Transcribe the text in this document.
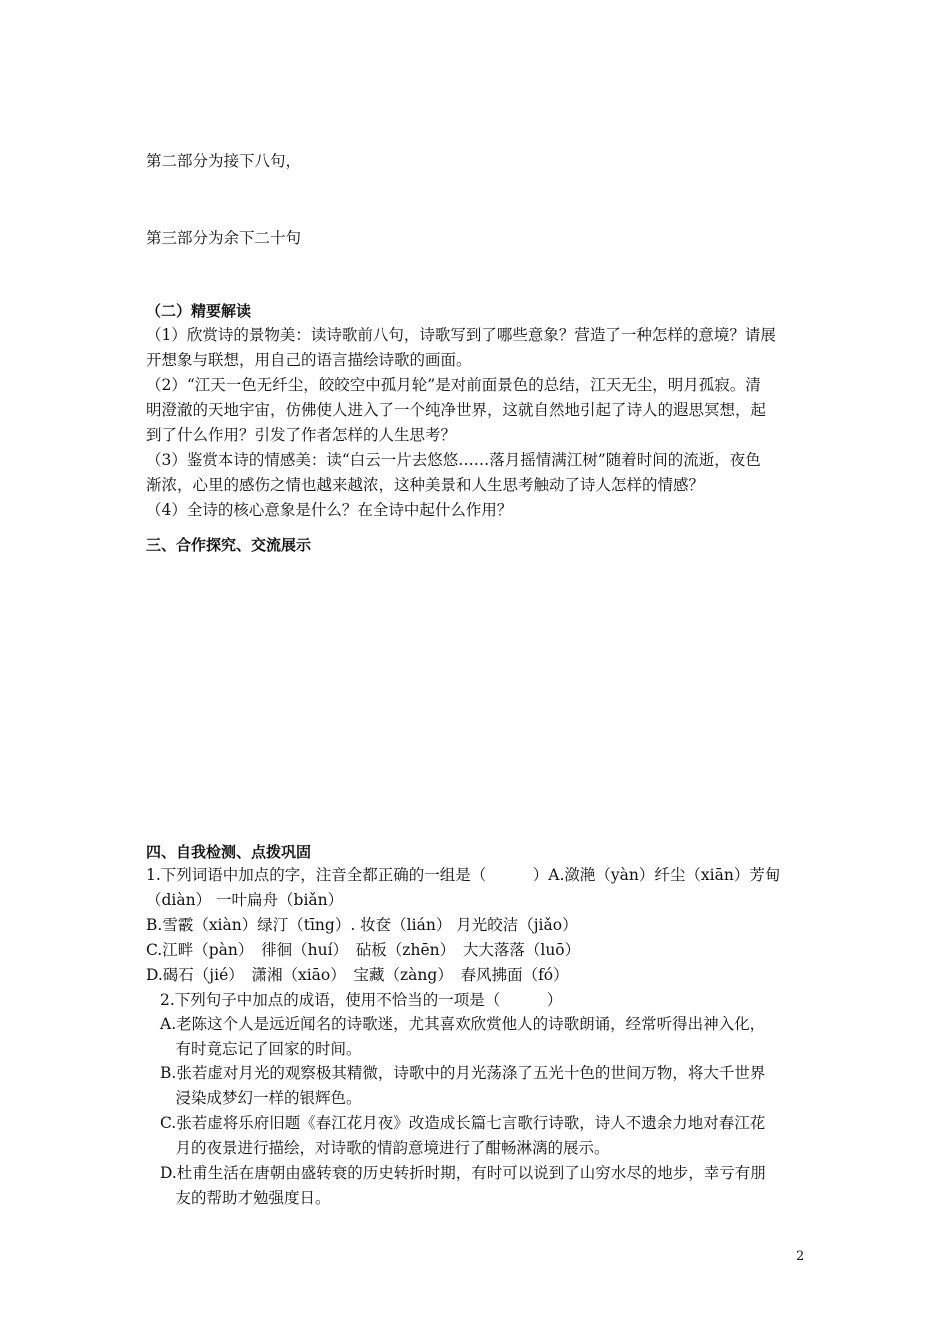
第二部分为接下八句，
第三部分为余下二十句
（二）精要解读
（1）欣赏诗的景物美：读诗歌前八句，诗歌写到了哪些意象？营造了一种怎样的意境？请展
开想象与联想，用自己的语言描绘诗歌的画面。
（2）“江天一色无纤尘，皎皎空中孤月轮”是对前面景色的总结，江天无尘，明月孤寂。清
明澄澈的天地宇宙，仿佛使人进入了一个纯净世界，这就自然地引起了诗人的遐思冥想，起
到了什么作用？引发了作者怎样的人生思考？
（3）鉴赏本诗的情感美：读“白云一片去悠悠……落月摇情满江树”随着时间的流逝，夜色
渐浓，心里的感伤之情也越来越浓，这种美景和人生思考触动了诗人怎样的情感？
（4）全诗的核心意象是什么？在全诗中起什么作用？
三、合作探究、交流展示
四、自我检测、点拨巩固
1.下列词语中加点的字，注音全都正确的一组是（　　　）A.潋滟（yàn）纤尘（xiān）芳甸
（diàn） 一叶扁舟（biǎn）
B.雪霰（xiàn）绿汀（tīng）. 妆奁（lián） 月光皎洁（jiǎo）
C.江畔（pàn）　徘徊（huí）　砧板（zhēn）　大大落落（luō）
D.碣石（jié）　潇湘（xiāo）　宝藏（zàng）　春风拂面（fó）
2.下列句子中加点的成语，使用不恰当的一项是（　　　）
A.老陈这个人是远近闻名的诗歌迷，尤其喜欢欣赏他人的诗歌朗诵，经常听得出神入化，
　有时竟忘记了回家的时间。
B.张若虚对月光的观察极其精微，诗歌中的月光荡涤了五光十色的世间万物，将大千世界
　浸染成梦幻一样的银辉色。
C.张若虚将乐府旧题《春江花月夜》改造成长篇七言歌行诗歌，诗人不遗余力地对春江花
　月的夜景进行描绘，对诗歌的情韵意境进行了酣畅淋漓的展示。
D.杜甫生活在唐朝由盛转衰的历史转折时期，有时可以说到了山穷水尽的地步，幸亏有朋
　友的帮助才勉强度日。
2
